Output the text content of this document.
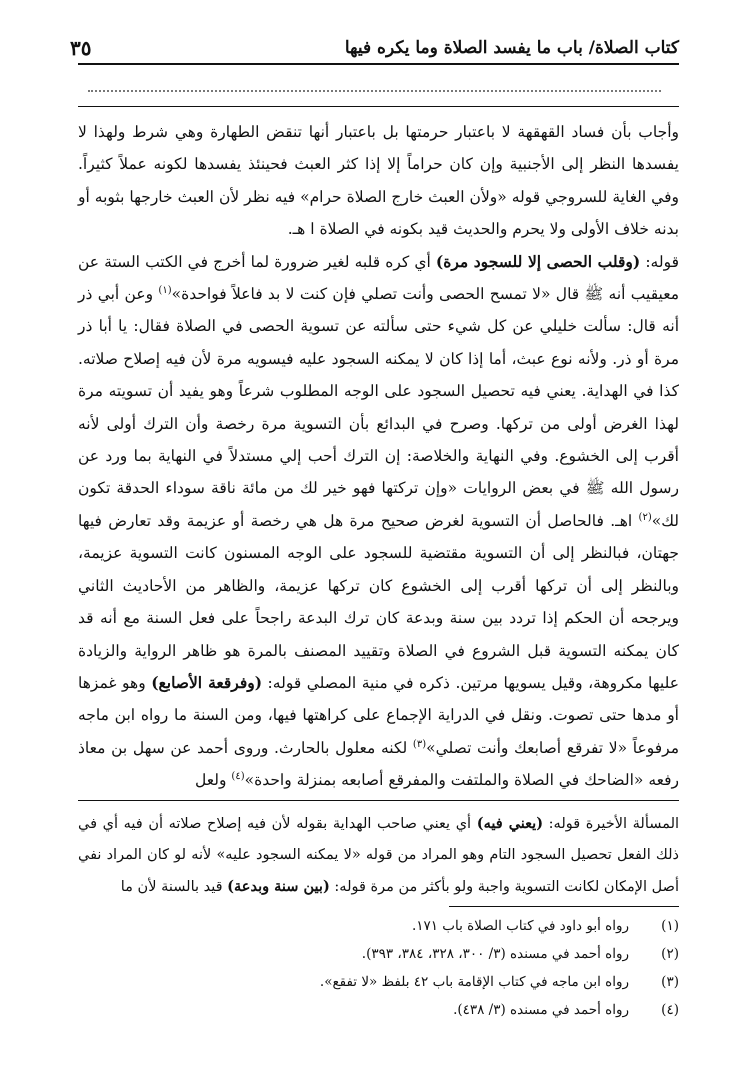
كتاب الصلاة/ باب ما يفسد الصلاة وما يكره فيها
٣٥

وأجاب بأن فساد القهقهة لا باعتبار حرمتها بل باعتبار أنها تنقض الطهارة وهي شرط ولهذا لا يفسدها النظر إلى الأجنبية وإن كان حراماً إلا إذا كثر العبث فحينئذ يفسدها لكونه عملاً كثيراً. وفي الغاية للسروجي قوله «ولأن العبث خارج الصلاة حرام» فيه نظر لأن العبث خارجها بثوبه أو بدنه خلاف الأولى ولا يحرم والحديث قيد بكونه في الصلاة ا هـ.

قوله: (وقلب الحصى إلا للسجود مرة) أي كره قلبه لغير ضرورة لما أخرج في الكتب الستة عن معيقيب أنه ﷺ قال «لا تمسح الحصى وأنت تصلي فإن كنت لا بد فاعلاً فواحدة»$^{(١)}$ وعن أبي ذر أنه قال: سألت خليلي عن كل شيء حتى سألته عن تسوية الحصى في الصلاة فقال: يا أبا ذر مرة أو ذر. ولأنه نوع عبث، أما إذا كان لا يمكنه السجود عليه فيسويه مرة لأن فيه إصلاح صلاته. كذا في الهداية. يعني فيه تحصيل السجود على الوجه المطلوب شرعاً وهو يفيد أن تسويته مرة لهذا الغرض أولى من تركها. وصرح في البدائع بأن التسوية مرة رخصة وأن الترك أولى لأنه أقرب إلى الخشوع. وفي النهاية والخلاصة: إن الترك أحب إلي مستدلاً في النهاية بما ورد عن رسول الله ﷺ في بعض الروايات «وإن تركتها فهو خير لك من مائة ناقة سوداء الحدقة تكون لك»$^{(٢)}$ اهـ. فالحاصل أن التسوية لغرض صحيح مرة هل هي رخصة أو عزيمة وقد تعارض فيها جهتان، فبالنظر إلى أن التسوية مقتضية للسجود على الوجه المسنون كانت التسوية عزيمة، وبالنظر إلى أن تركها أقرب إلى الخشوع كان تركها عزيمة، والظاهر من الأحاديث الثاني ويرجحه أن الحكم إذا تردد بين سنة وبدعة كان ترك البدعة راجحاً على فعل السنة مع أنه قد كان يمكنه التسوية قبل الشروع في الصلاة وتقييد المصنف بالمرة هو ظاهر الرواية والزيادة عليها مكروهة، وقيل يسويها مرتين. ذكره في منية المصلي قوله: (وفرقعة الأصابع) وهو غمزها أو مدها حتى تصوت. ونقل في الدراية الإجماع على كراهتها فيها، ومن السنة ما رواه ابن ماجه مرفوعاً «لا تفرقع أصابعك وأنت تصلي»$^{(٣)}$ لكنه معلول بالحارث. وروى أحمد عن سهل بن معاذ رفعه «الضاحك في الصلاة والملتفت والمفرقع أصابعه بمنزلة واحدة»$^{(٤)}$ ولعل

المسألة الأخيرة قوله: (يعني فيه) أي يعني صاحب الهداية بقوله لأن فيه إصلاح صلاته أن فيه أي في ذلك الفعل تحصيل السجود التام وهو المراد من قوله «لا يمكنه السجود عليه» لأنه لو كان المراد نفي أصل الإمكان لكانت التسوية واجبة ولو بأكثر من مرة قوله: (بين سنة وبدعة) قيد بالسنة لأن ما

(١)
رواه أبو داود في كتاب الصلاة باب ١٧١.
(٢)
رواه أحمد في مسنده (٣/ ٣٠٠، ٣٢٨، ٣٨٤، ٣٩٣).
(٣)
رواه ابن ماجه في كتاب الإقامة باب ٤٢ بلفظ «لا تفقع».
(٤)
رواه أحمد في مسنده (٣/ ٤٣٨).
